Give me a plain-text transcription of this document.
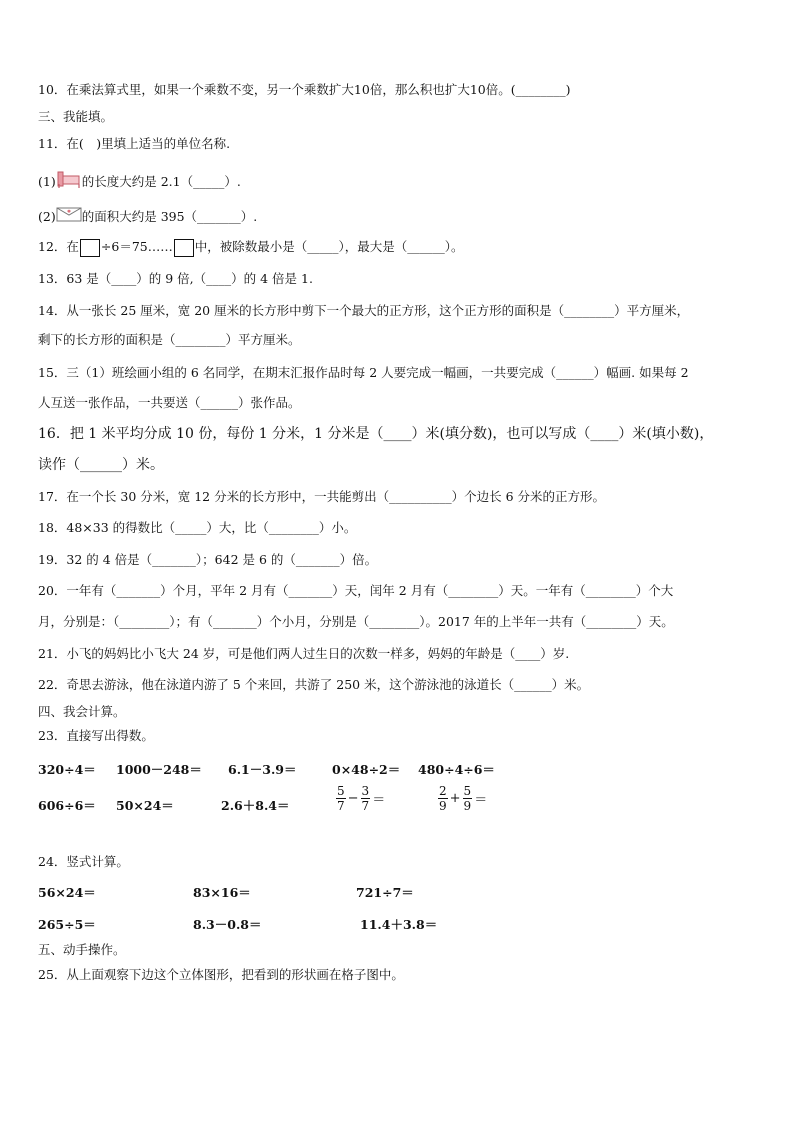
10．在乘法算式里，如果一个乘数不变，另一个乘数扩大10倍，那么积也扩大10倍。(________)
三、我能填。
11．在(　)里填上适当的单位名称.
(1) 的长度大约是 2.1（_____）.
(2) 的面积大约是 395（_______）.
12．在 ÷6＝75…… 中，被除数最小是（_____），最大是（______）。
13．63 是（____）的 9 倍,（____）的 4 倍是 1.
14．从一张长 25 厘米，宽 20 厘米的长方形中剪下一个最大的正方形，这个正方形的面积是（________）平方厘米，
剩下的长方形的面积是（________）平方厘米。
15．三（1）班绘画小组的 6 名同学，在期末汇报作品时每 2 人要完成一幅画，一共要完成（______）幅画. 如果每 2
人互送一张作品，一共要送（______）张作品。
16．把 1 米平均分成 10 份，每份 1 分米，1 分米是（____）米(填分数)，也可以写成（____）米(填小数)，
读作（______）米。
17．在一个长 30 分米，宽 12 分米的长方形中，一共能剪出（__________）个边长 6 分米的正方形。
18．48×33 的得数比（_____）大，比（________）小。
19．32 的 4 倍是（_______）；642 是 6 的（_______）倍。
20．一年有（_______）个月，平年 2 月有（_______）天，闰年 2 月有（________）天。一年有（________）个大
月，分别是：（________）；有（_______）个小月，分别是（________）。2017 年的上半年一共有（________）天。
21．小飞的妈妈比小飞大 24 岁，可是他们两人过生日的次数一样多，妈妈的年龄是（____）岁.
22．奇思去游泳，他在泳道内游了 5 个来回，共游了 250 米，这个游泳池的泳道长（______）米。
四、我会计算。
23．直接写出得数。
320÷4＝ 1000－248＝ 6.1－3.9＝	0×48÷2＝ 480÷4÷6＝
606÷6＝ 50×24＝	2.6＋8.4＝	$\frac{5}{7} - \frac{3}{7}$ ＝	$\frac{2}{9} + \frac{5}{9}$ ＝
24．竖式计算。
56×24＝	83×16＝	721÷7＝
265÷5＝	8.3－0.8＝	11.4＋3.8＝
五、动手操作。
25．从上面观察下边这个立体图形，把看到的形状画在格子图中。
